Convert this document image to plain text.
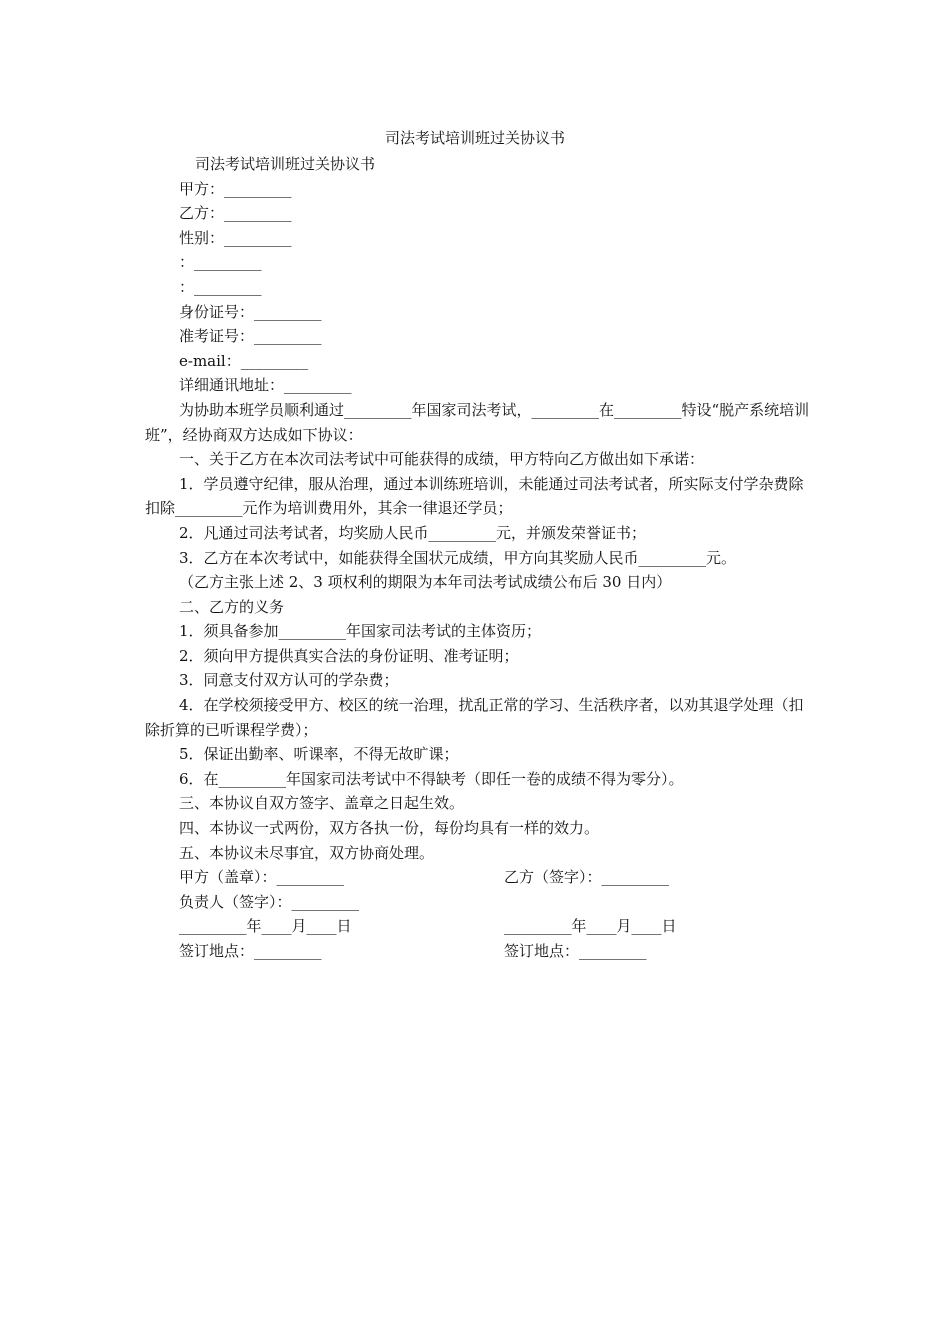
司法考试培训班过关协议书
司法考试培训班过关协议书
甲方：_________
乙方：_________
性别：_________
：_________
：_________
身份证号：_________
准考证号：_________
e-mail：_________
详细通讯地址：_________
为协助本班学员顺利通过_________年国家司法考试，_________在_________特设“脱产系统培训班”，经协商双方达成如下协议：
一、关于乙方在本次司法考试中可能获得的成绩，甲方特向乙方做出如下承诺：
1．学员遵守纪律，服从治理，通过本训练班培训，未能通过司法考试者，所实际支付学杂费除扣除_________元作为培训费用外，其余一律退还学员；
2．凡通过司法考试者，均奖励人民币_________元，并颁发荣誉证书；
3．乙方在本次考试中，如能获得全国状元成绩，甲方向其奖励人民币_________元。
（乙方主张上述 2、3 项权利的期限为本年司法考试成绩公布后 30 日内）
二、乙方的义务
1．须具备参加_________年国家司法考试的主体资历；
2．须向甲方提供真实合法的身份证明、准考证明；
3．同意支付双方认可的学杂费；
4．在学校须接受甲方、校区的统一治理，扰乱正常的学习、生活秩序者，以劝其退学处理（扣除折算的已听课程学费）；
5．保证出勤率、听课率，不得无故旷课；
6．在_________年国家司法考试中不得缺考（即任一卷的成绩不得为零分）。
三、本协议自双方签字、盖章之日起生效。
四、本协议一式两份，双方各执一份，每份均具有一样的效力。
五、本协议未尽事宜，双方协商处理。
甲方（盖章）：_________	乙方（签字）：_________
负责人（签字）：_________
_________年____月____日	_________年____月____日
签订地点：_________	签订地点：_________
